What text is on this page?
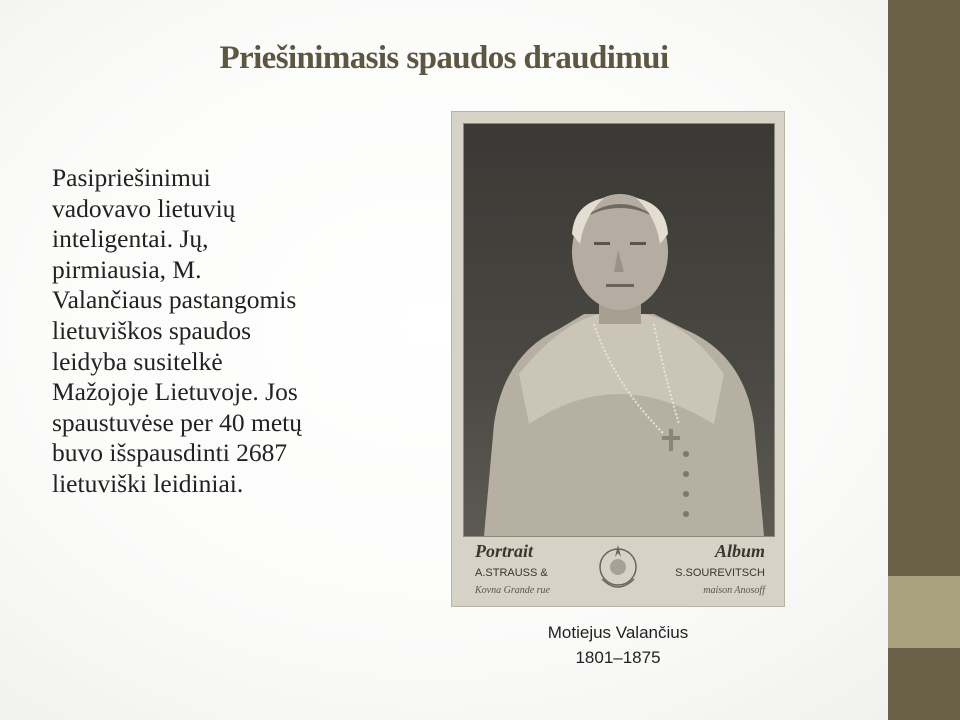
Priešinimasis spaudos draudimui

Pasipriešinimui
vadovavo lietuvių
inteligentai. Jų,
pirmiausia, M.
Valančiaus pastangomis
lietuviškos spaudos
leidyba susitelkė
Mažojoje Lietuvoje. Jos
spaustuvėse per 40 metų
buvo išspausdinti 2687
lietuviški leidiniai.

Portrait	Album
A.STRAUSS &	S.SOUREVITSCH
Kovna Grande rue	maison Anosoff
Motiejus Valančius
1801–1875
